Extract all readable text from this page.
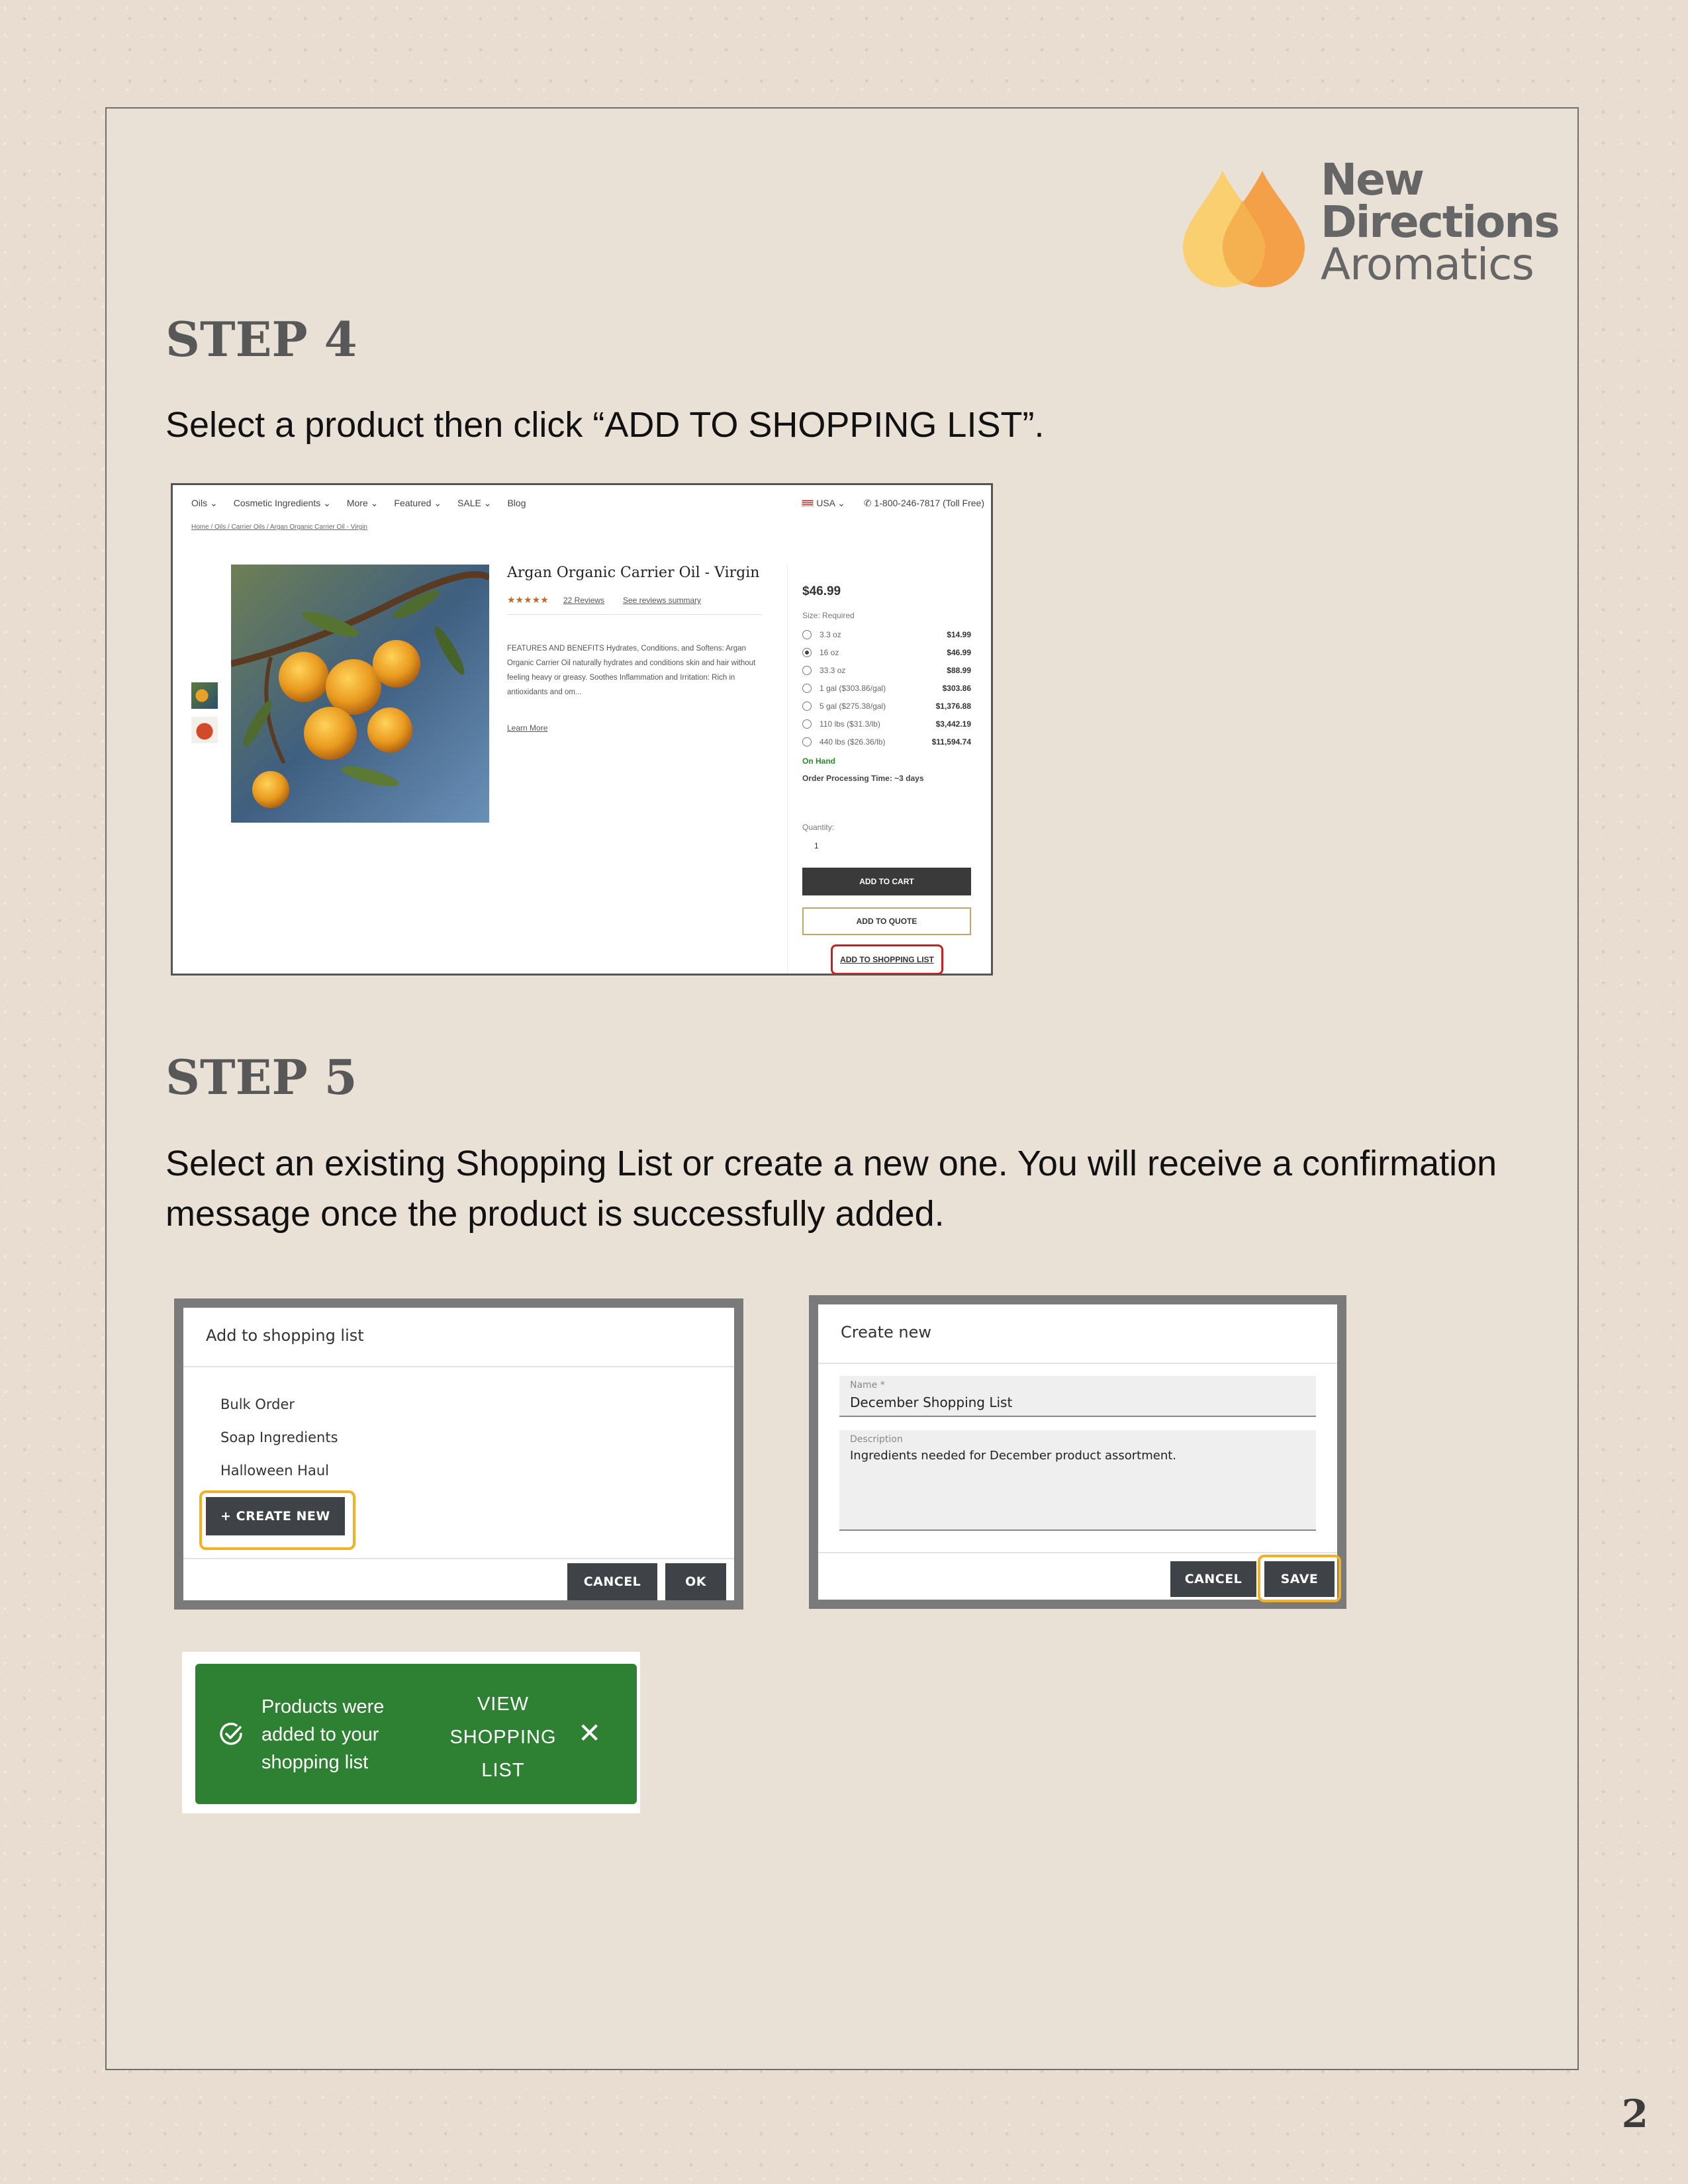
New
Directions
Aromatics
STEP 4
Select a product then click “ADD TO SHOPPING LIST”.
Oils ⌄ Cosmetic Ingredients ⌄ More ⌄ Featured ⌄ SALE ⌄ Blog	USA ⌄ ✆ 1-800-246-7817 (Toll Free)
Home / Oils / Carrier Oils / Argan Organic Carrier Oil - Virgin
Argan Organic Carrier Oil - Virgin
★★★★★ 22 Reviews See reviews summary
FEATURES AND BENEFITS Hydrates, Conditions, and Softens: Argan Organic Carrier Oil naturally hydrates and conditions skin and hair without feeling heavy or greasy. Soothes Inflammation and Irritation: Rich in antioxidants and om...
Learn More
$46.99
Size: Required
3.3 oz	$14.99
16 oz	$46.99
33.3 oz	$88.99
1 gal ($303.86/gal)	$303.86
5 gal ($275.38/gal)	$1,376.88
110 lbs ($31.3/lb)	$3,442.19
440 lbs ($26.36/lb)	$11,594.74
On Hand
Order Processing Time: ~3 days
Quantity:
1
ADD TO CART
ADD TO QUOTE
ADD TO SHOPPING LIST
STEP 5
Select an existing Shopping List or create a new one. You will receive a confirmation
message once the product is successfully added.
Add to shopping list
Bulk Order
Soap Ingredients
Halloween Haul
+ CREATE NEW
CANCEL	OK
Create new
Name *
December Shopping List
Description
Ingredients needed for December product assortment.
CANCEL	SAVE
Products were added to your shopping list
VIEW SHOPPING LIST
✕
2
